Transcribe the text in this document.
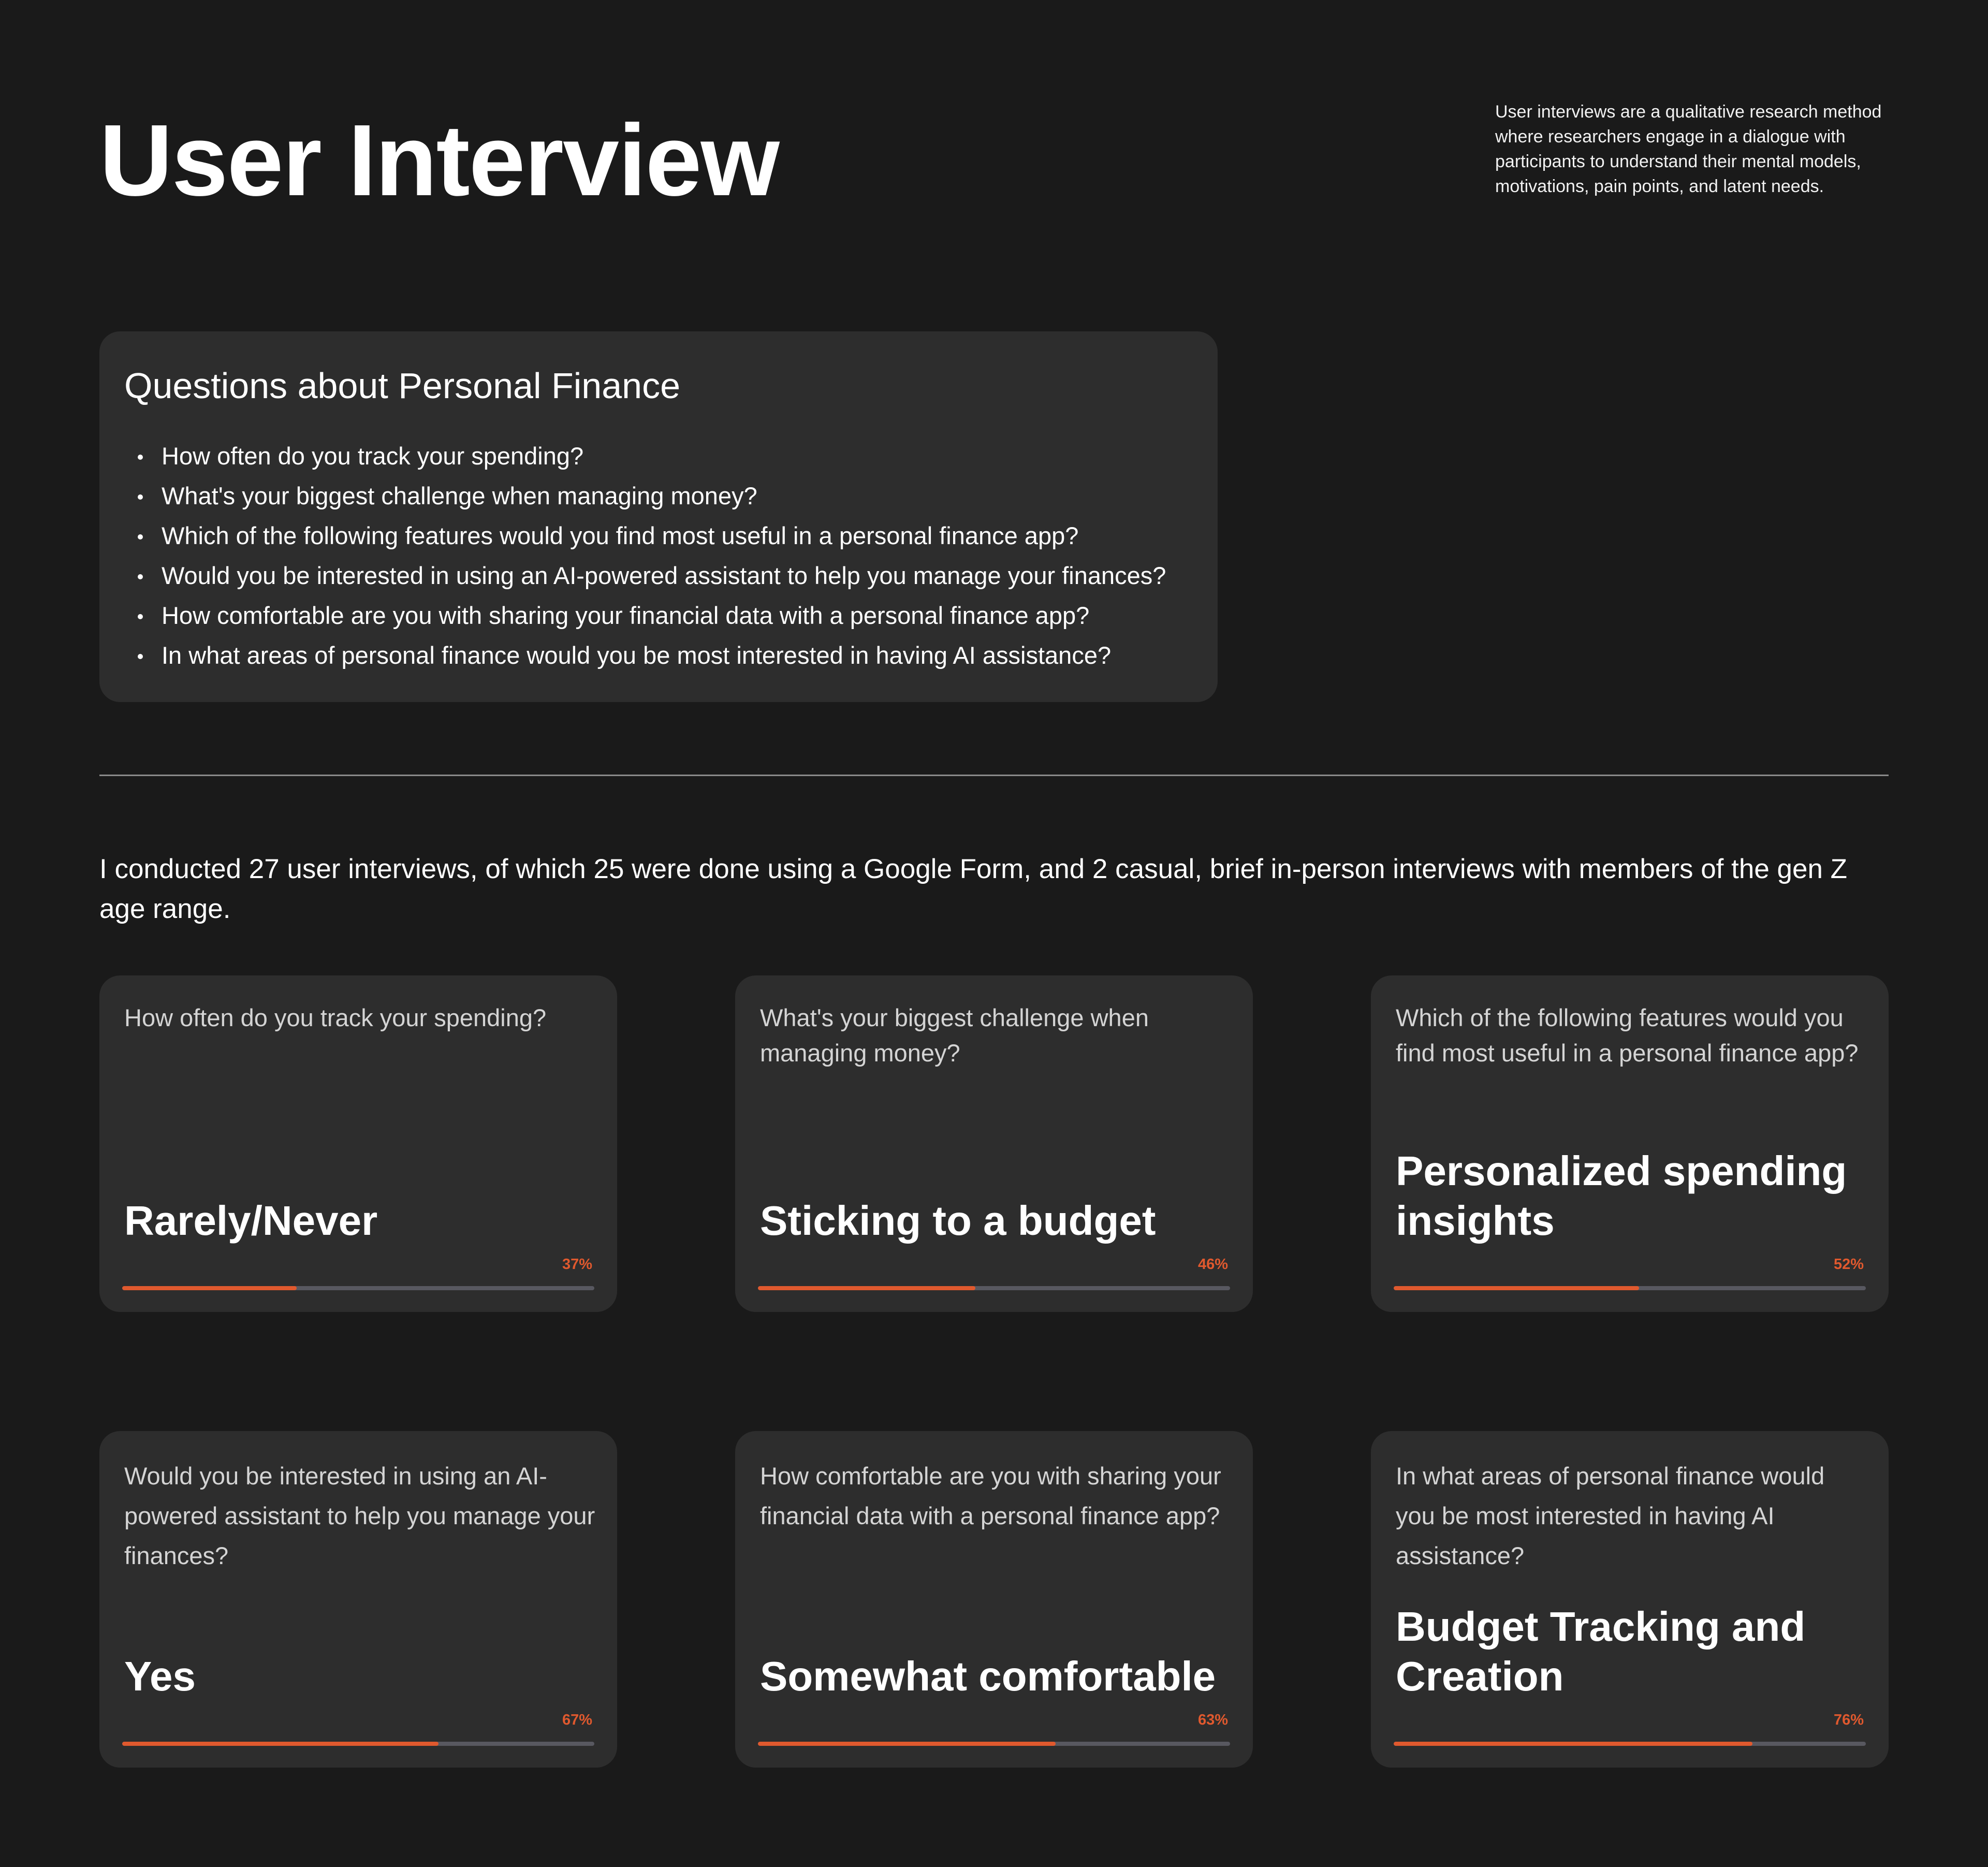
User Interview	User interviews are a qualitative research method where researchers engage in a dialogue with participants to understand their mental models, motivations, pain points, and latent needs.

Questions about Personal Finance
How often do you track your spending?
What's your biggest challenge when managing money?
Which of the following features would you find most useful in a personal finance app?
Would you be interested in using an AI-powered assistant to help you manage your finances?
How comfortable are you with sharing your financial data with a personal finance app?
In what areas of personal finance would you be most interested in having AI assistance?

I conducted 27 user interviews, of which 25 were done using a Google Form, and 2 casual, brief in-person interviews with members of the gen Z age range.

How often do you track your spending?

Rarely/Never
37%

What's your biggest challenge when managing money?

Sticking to a budget
46%

Which of the following features would you find most useful in a personal finance app?

Personalized spending insights
52%

Would you be interested in using an AI-powered assistant to help you manage your finances?

Yes
67%

How comfortable are you with sharing your financial data with a personal finance app?

Somewhat comfortable
63%

In what areas of personal finance would you be most interested in having AI assistance?

Budget Tracking and Creation
76%
